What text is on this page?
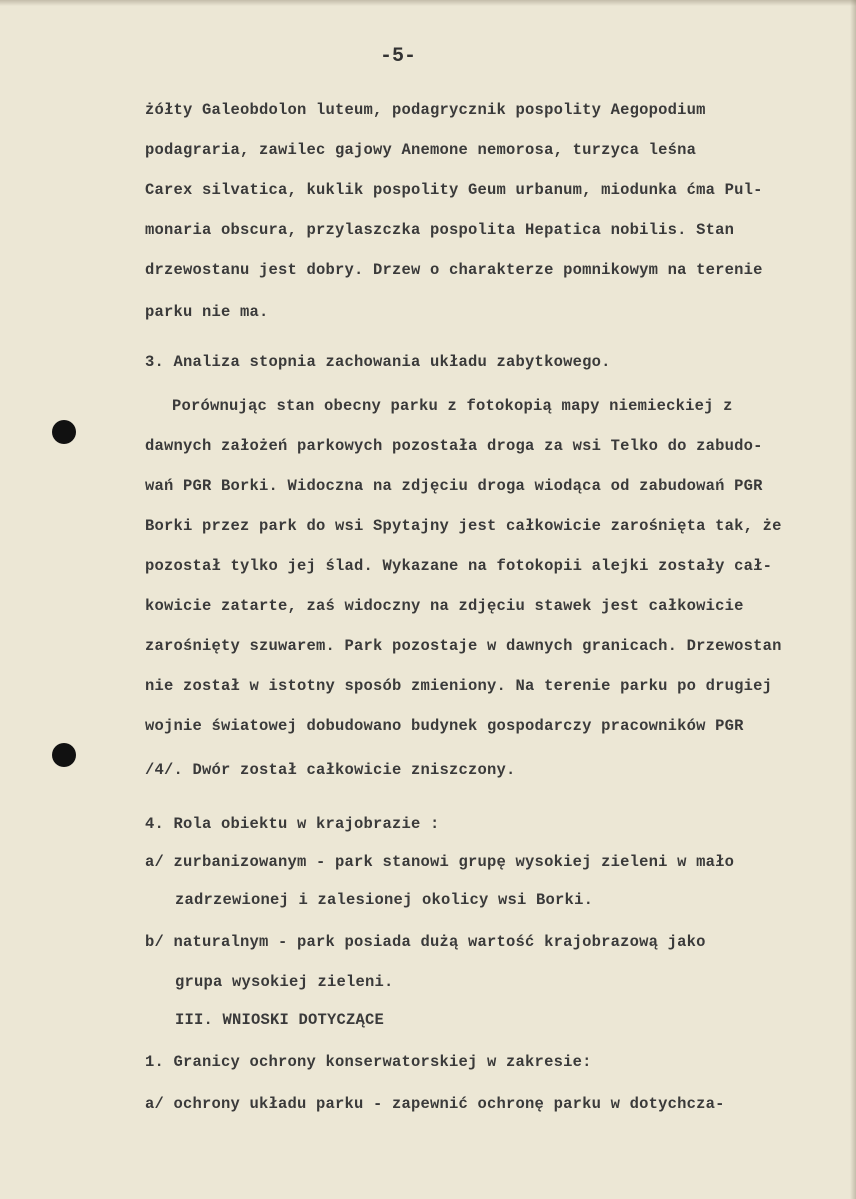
-5-
żółty Galeobdolon luteum, podagrycznik pospolity Aegopodium
podagraria, zawilec gajowy Anemone nemorosa, turzyca leśna
Carex silvatica, kuklik pospolity Geum urbanum, miodunka ćma Pul-
monaria obscura, przylaszczka pospolita Hepatica nobilis. Stan
drzewostanu jest dobry. Drzew o charakterze pomnikowym na terenie
parku nie ma.
3. Analiza stopnia zachowania układu zabytkowego.
Porównując stan obecny parku z fotokopią mapy niemieckiej z
dawnych założeń parkowych pozostała droga za wsi Telko do zabudo-
wań PGR Borki. Widoczna na zdjęciu droga wiodąca od zabudowań PGR
Borki przez park do wsi Spytajny jest całkowicie zarośnięta tak, że
pozostał tylko jej ślad. Wykazane na fotokopii aleјki zostały cał-
kowicie zatarte, zaś widoczny na zdjęciu stawek jest całkowicie
zarośnięty szuwarem. Park pozostaje w dawnych granicach. Drzewostan
nie został w istotny sposób zmieniony. Na terenie parku po drugiej
wojnie światowej dobudowano budynek gospodarczy pracowników PGR
/4/. Dwór został całkowicie zniszczony.
4. Rola obiektu w krajobrazie :
a/ zurbanizowanym - park stanowi grupę wysokiej zieleni w mało
zadrzewionej i zalesionej okolicy wsi Borki.
b/ naturalnym - park posiada dużą wartość krajobrazową jako
grupa wysokiej zieleni.
III. WNIOSKI DOTYCZĄCE
1. Granicy ochrony konserwatorskiej w zakresie:
a/ ochrony układu parku - zapewnić ochronę parku w dotychcza-
